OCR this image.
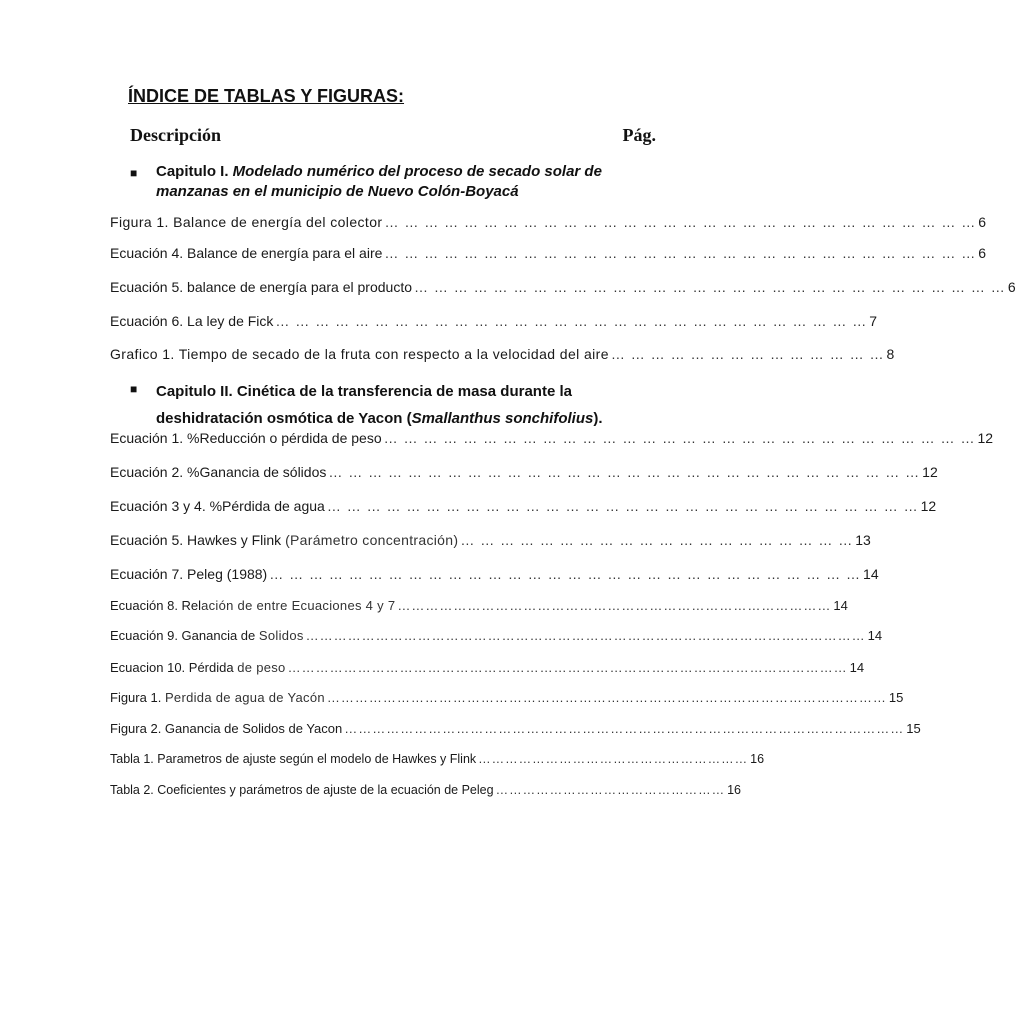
ÍNDICE DE TABLAS Y FIGURAS:
Descripción	Pág.
■ Capitulo I. Modelado numérico del proceso de secado solar de manzanas en el municipio de Nuevo Colón-Boyacá
Figura 1. Balance de energía del colector … … … … … … … … … … … … … … … … … … … … … … … … … … … … … … 6
Ecuación 4. Balance de energía para el aire … … … … … … … … … … … … … … … … … … … … … … … … … … … … … … 6
Ecuación 5. balance de energía para el producto … … … … … … … … … … … … … … … … … … … … … … … … … … … … … … 6
Ecuación 6. La ley de Fick … … … … … … … … … … … … … … … … … … … … … … … … … … … … … … 7
Grafico 1. Tiempo de secado de la fruta con respecto a la velocidad del aire … … … … … … … … … … … … … … 8
■ Capitulo II. Cinética de la transferencia de masa durante la deshidratación osmótica de Yacon (Smallanthus sonchifolius).
Ecuación 1. %Reducción o pérdida de peso … … … … … … … … … … … … … … … … … … … … … … … … … … … … … … 12
Ecuación 2. %Ganancia de sólidos … … … … … … … … … … … … … … … … … … … … … … … … … … … … … … 12
Ecuación 3 y 4. %Pérdida de agua … … … … … … … … … … … … … … … … … … … … … … … … … … … … … … 12
Ecuación 5. Hawkes y Flink (Parámetro concentración) … … … … … … … … … … … … … … … … … … … … 13
Ecuación 7. Peleg (1988) … … … … … … … … … … … … … … … … … … … … … … … … … … … … … … 14
Ecuación 8. Relación de entre Ecuaciones 4 y 7 ………………………………………………………………………………… 14
Ecuación 9. Ganancia de Solidos ………………………………………………………………………………………………………… 14
Ecuacion 10. Pérdida de peso ………………………………………………………………………………………………………… 14
Figura 1. Perdida de agua de Yacón ………………………………………………………………………………………………………… 15
Figura 2. Ganancia de Solidos de Yacon ………………………………………………………………………………………………………… 15
Tabla 1. Parametros de ajuste según el modelo de Hawkes y Flink …………………………………………………… 16
Tabla 2. Coeficientes y parámetros de ajuste de la ecuación de Peleg …………………………………………… 16
